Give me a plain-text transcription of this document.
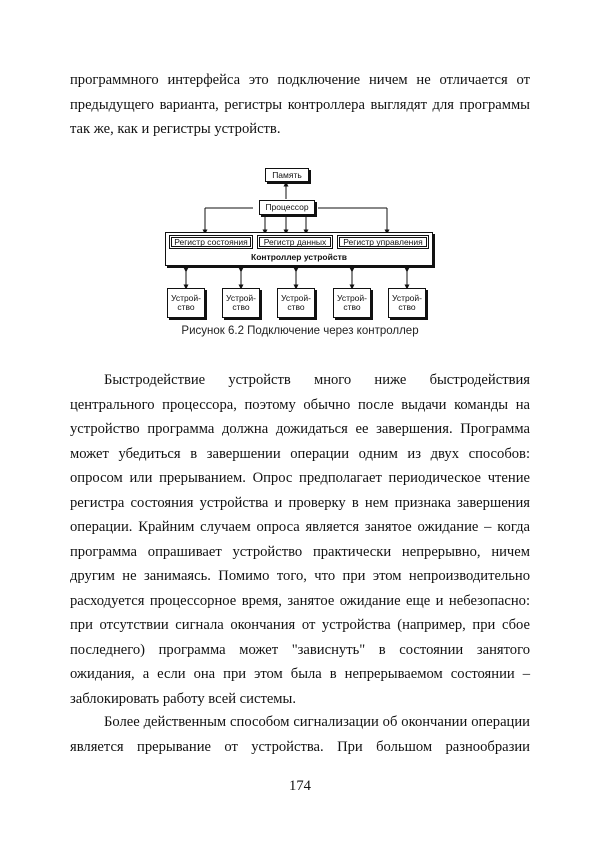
программного интерфейса это подключение ничем не отличается от предыдущего варианта, регистры контроллера выглядят для программы так же, как и регистры устройств.

Память
Процессор
Контроллер устройств
Регистр состояния	Регистр данных	Регистр управления
Устрой-
ство
Устрой-
ство
Устрой-
ство
Устрой-
ство
Устрой-
ство
Рисунок 6.2 Подключение через контроллер

Быстродействие устройств много ниже быстродействия центрального процессора, поэтому обычно после выдачи команды на устройство программа должна дожидаться ее завершения. Программа может убедиться в завершении операции одним из двух способов: опросом или прерыванием. Опрос предполагает периодическое чтение регистра состояния устройства и проверку в нем признака завершения операции. Крайним случаем опроса является занятое ожидание – когда программа опрашивает устройство практически непрерывно, ничем другим не занимаясь. Помимо того, что при этом непроизводительно расходуется процессорное время, занятое ожидание еще и небезопасно: при отсутствии сигнала окончания от устройства (например, при сбое последнего) программа может "зависнуть" в состоянии занятого ожидания, а если она при этом была в непрерываемом состоянии – заблокировать работу всей системы.

Более действенным способом сигнализации об окончании операции является прерывание от устройства. При большом разнообразии

174
